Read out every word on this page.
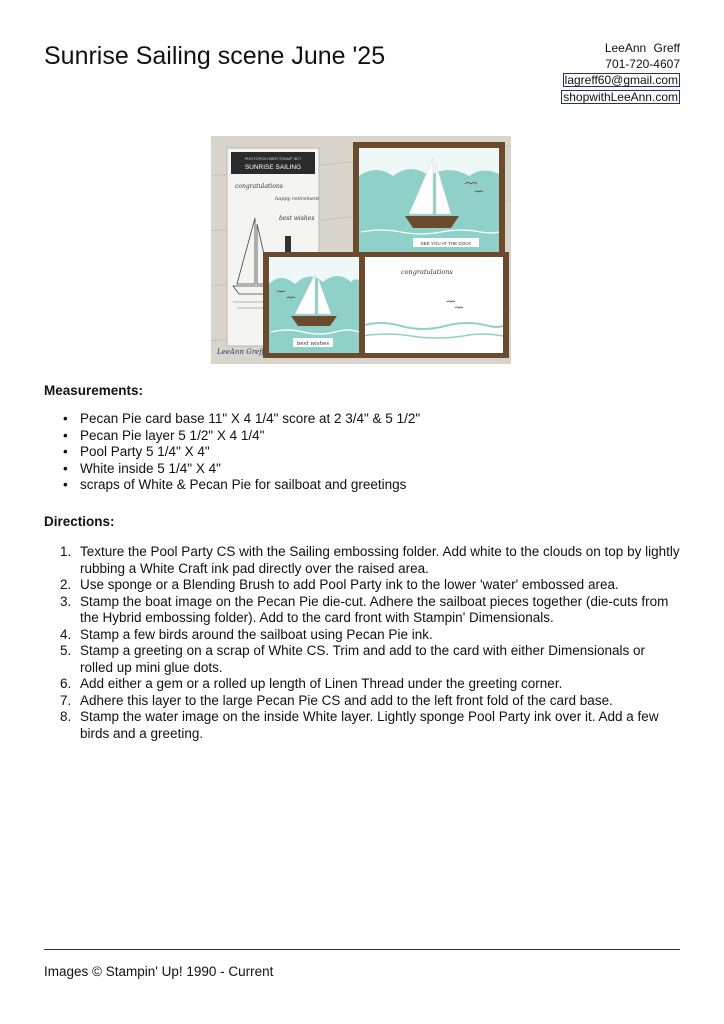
Sunrise Sailing scene June '25	LeeAnn Greff
701-720-4607
lagreff60@gmail.com
shopwithLeeAnn.com
PHOTOPOLYMER STAMP SET
SUNRISE SAILING
congratulations
happy retirement
best wishes
SEE YOU AT THE DOCK
congratulations
best wishes
LeeAnn Greff
Measurements:
• Pecan Pie card base 11" X 4 1/4" score at 2 3/4" & 5 1/2"
• Pecan Pie layer 5 1/2" X 4 1/4"
• Pool Party 5 1/4" X 4"
• White inside 5 1/4" X 4"
• scraps of White & Pecan Pie for sailboat and greetings
Directions:
1. Texture the Pool Party CS with the Sailing embossing folder. Add white to the clouds on top by lightly rubbing a White Craft ink pad directly over the raised area.
2. Use sponge or a Blending Brush to add Pool Party ink to the lower 'water' embossed area.
3. Stamp the boat image on the Pecan Pie die-cut. Adhere the sailboat pieces together (die-cuts from the Hybrid embossing folder). Add to the card front with Stampin' Dimensionals.
4. Stamp a few birds around the sailboat using Pecan Pie ink.
5. Stamp a greeting on a scrap of White CS. Trim and add to the card with either Dimensionals or rolled up mini glue dots.
6. Add either a gem or a rolled up length of Linen Thread under the greeting corner.
7. Adhere this layer to the large Pecan Pie CS and add to the left front fold of the card base.
8. Stamp the water image on the inside White layer. Lightly sponge Pool Party ink over it. Add a few birds and a greeting.
Images © Stampin' Up! 1990 - Current
